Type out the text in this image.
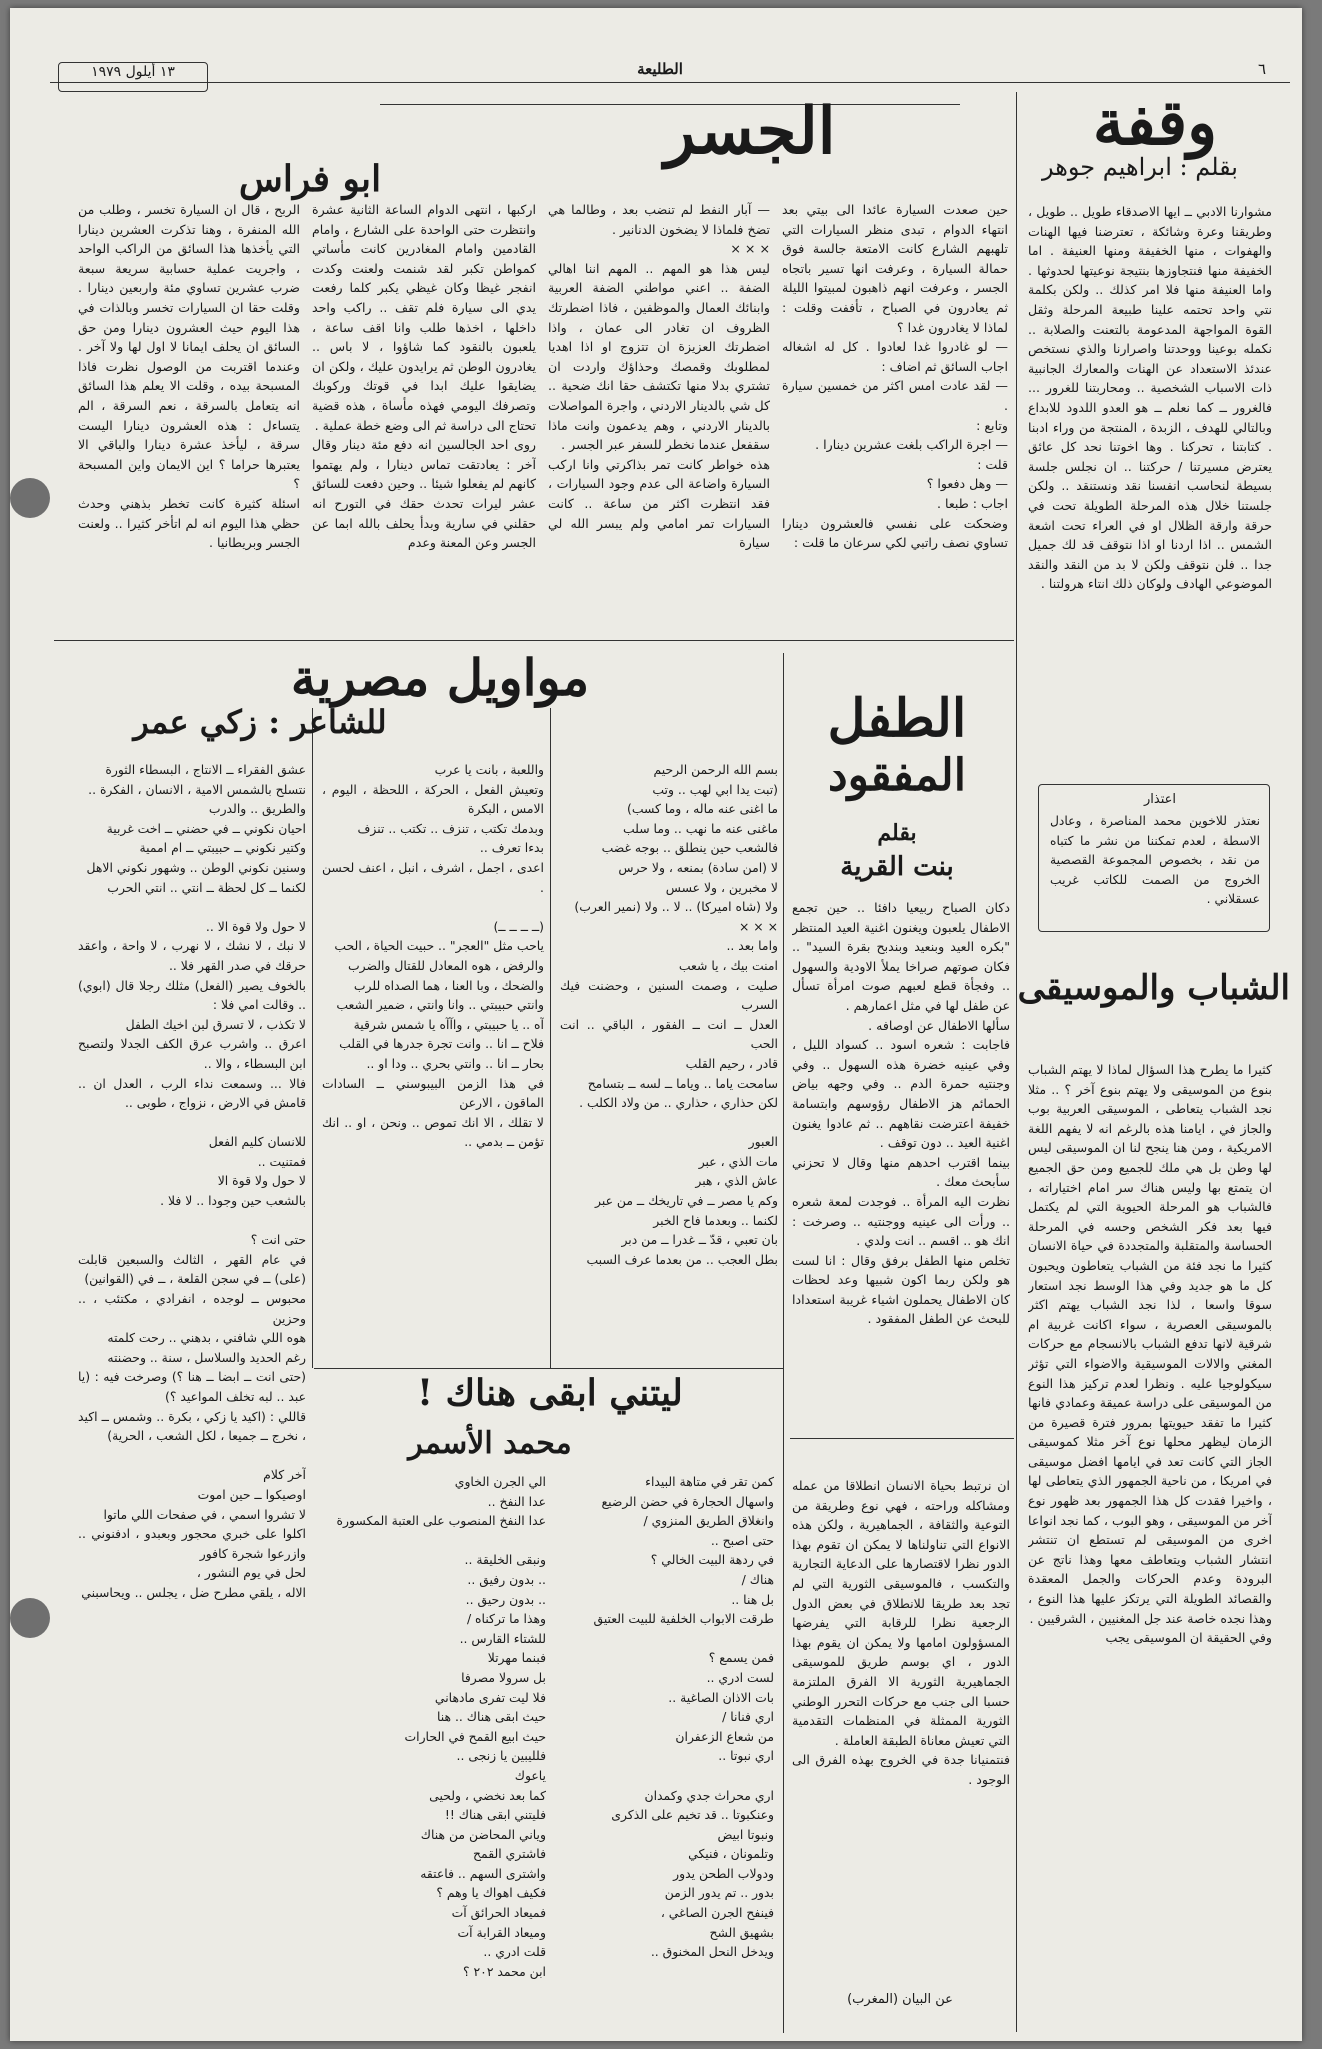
٦
الطليعة
١٣ أيلول ١٩٧٩
وقفة
بقلم : ابراهيم جوهر
مشوارنا الادبي ــ ايها الاصدقاء طويل .. طويل ، وطريقنا وعرة وشائكة ، تعترضنا فيها الهنات والهفوات ، منها الخفيفة ومنها العنيفة . اما الخفيفة منها فنتجاوزها بنتيجة نوعيتها لحدوثها . واما العنيفة منها فلا امر كذلك .. ولكن بكلمة نتي واحد تحتمه علينا طبيعة المرحلة وثقل القوة المواجهة المدعومة بالتعنت والصلابة .. نكمله بوعينا ووحدتنا واصرارنا والذي نستخص عندئذ الاستعداد عن الهنات والمعارك الجانبية ذات الاسباب الشخصية .. ومحاربتنا للغرور ... فالغرور ــ كما نعلم ــ هو العدو اللدود للابداع وبالتالي للهدف ، الزبدة ، المنتجة من وراء ادبنا . كتابتنا ، تحركنا . وها اخوتنا نحد كل عائق يعترض مسيرتنا / حركتنا .. ان نجلس جلسة بسيطة لنحاسب انفسنا نقد ونستنقد .. ولكن جلستنا خلال هذه المرحلة الطويلة تحت في حرقة وارقة الظلال او في العراء تحت اشعة الشمس .. اذا اردنا او اذا نتوقف قد لك جميل جدا .. فلن نتوقف ولكن لا بد من النقد والنقد الموضوعي الهادف ولوكان ذلك انتاء هرولتنا .
اعتذار
نعتذر للاخوين محمد المناصرة ، وعادل الاسطة ، لعدم تمكننا من نشر ما كتباه من نقد ، بخصوص المجموعة القصصية الخروج من الصمت للكاتب غريب عسقلاني .
الشباب والموسيقى
كثيرا ما يطرح هذا السؤال لماذا لا يهتم الشباب بنوع من الموسيقى ولا يهتم بنوع آخر ؟ .. مثلا نجد الشباب يتعاطى ، الموسيقى العربية بوب والجاز في ، ايامنا هذه بالرغم انه لا يفهم اللغة الامريكية ، ومن هنا ينجح لنا ان الموسيقى ليس لها وطن بل هي ملك للجميع ومن حق الجميع ان يتمتع بها وليس هناك سر امام اختياراته ، فالشباب هو المرحلة الحيوية التي لم يكتمل فيها بعد فكر الشخص وحسه في المرحلة الحساسة والمتقلبة والمتجددة في حياة الانسان كثيرا ما نجد فئة من الشباب يتعاطون ويحبون كل ما هو جديد وفي هذا الوسط نجد استعار سوقا واسعا ، لذا نجد الشباب يهتم اكثر بالموسيقى العصرية ، سواء اكانت غربية ام شرقية لانها تدفع الشباب بالانسجام مع حركات المغني والالات الموسيقية والاضواء التي تؤثر سيكولوجيا عليه . ونظرا لعدم تركيز هذا النوع من الموسيقى على دراسة عميقة وعمادي فانها كثيرا ما تفقد حيويتها بمرور فترة قصيرة من الزمان ليظهر محلها نوع آخر مثلا كموسيقى الجاز التي كانت تعد في ايامها افضل موسيقى في امريكا ، من ناحية الجمهور الذي يتعاطى لها ، واخيرا فقدت كل هذا الجمهور بعد ظهور نوع آخر من الموسيقى ، وهو البوب ، كما نجد انواعا اخرى من الموسيقى لم تستطع ان تنتشر انتشار الشباب ويتعاطف معها وهذا ناتج عن البرودة وعدم الحركات والجمل المعقدة والقصائد الطويلة التي يرتكز عليها هذا النوع ، وهذا نجده خاصة عند جل المغنيين ، الشرقيين .
وفي الحقيقة ان الموسيقى يجب
ان نرتبط بحياة الانسان انطلاقا من عمله ومشاكله وراحته ، فهي نوع وطريقة من التوعية والثقافة ، الجماهيرية ، ولكن هذه الانواع التي تناولناها لا يمكن ان تقوم بهذا الدور نظرا لاقتصارها على الدعاية التجارية والتكسب ، فالموسيقى الثورية التي لم تجد بعد طريقا للانطلاق في بعض الدول الرجعية نظرا للرقابة التي يفرضها المسؤولون امامها ولا يمكن ان يقوم بهذا الدور ، اي بوسم طريق للموسيقى الجماهيرية الثورية الا الفرق الملتزمة حسبا الى جنب مع حركات التحرر الوطني الثورية الممثلة في المنظمات التقدمية التي تعيش معاناة الطبقة العاملة .
فنتمنيانا جدة في الخروج بهذه الفرق الى الوجود .
عن البيان (المغرب)
الجسر
ابو فراس
حين صعدت السيارة عائدا الى بيتي بعد انتهاء الدوام ، تبدى منظر السيارات التي تلهبهم الشارع كانت الامتعة جالسة فوق حمالة السيارة ، وعرفت انها تسير باتجاه الجسر ، وعرفت انهم ذاهبون لمبيتوا الليلة ثم يعادرون في الصباح ، تأففت وقلت : لماذا لا يغادرون غدا ؟
— لو غادروا غدا لعادوا . كل له اشغاله اجاب السائق ثم اضاف :
— لقد عادت امس اكثر من خمسين سيارة .
وتابع :
— اجرة الراكب بلغت عشرين دينارا .
قلت :
— وهل دفعوا ؟
اجاب : طبعا .
وضحكت على نفسي فالعشرون دينارا تساوي نصف راتبي لكي سرعان ما قلت :
— آبار النفط لم تنضب بعد ، وطالما هي تضخ فلماذا لا يضخون الدنانير .
× × ×
ليس هذا هو المهم .. المهم اننا اهالي الضفة .. اعني مواطني الضفة العربية وابنائك العمال والموظفين ، فاذا اضطرتك الظروف ان تغادر الى عمان ، واذا اضطرتك العزيزة ان تتزوج او اذا اهديا لمطلوبك وقمصك وحذاؤك واردت ان تشتري بدلا منها تكتشف حقا انك ضحية .. كل شي بالدينار الاردني ، واجرة المواصلات بالدينار الاردني ، وهم يدعمون وانت ماذا سقفعل عندما نخطر للسفر عبر الجسر .
هذه خواطر كانت تمر بذاكرتي وانا اركب السيارة واضاعة الى عدم وجود السيارات ، فقد انتظرت اكثر من ساعة .. كانت السيارات تمر امامي ولم يبسر الله لي سيارة
اركبها ، انتهى الدوام الساعة الثانية عشرة وانتظرت حتى الواحدة على الشارع ، وامام القادمين وامام المغادرين كانت مأساتي كمواطن تكبر لقد شنمت ولعنت وكدت انفجر غيظا وكان غيظي يكبر كلما رفعت يدي الى سيارة فلم تقف .. راكب واحد داخلها ، اخذها طلب وانا اقف ساعة ، يلعبون بالنقود كما شاؤوا ، لا باس .. يغادرون الوطن ثم يرايدون عليك ، ولكن ان يضايقوا عليك ابدا في قوتك وركوبك وتصرفك اليومي فهذه مأساة ، هذه قضية تحتاج الى دراسة ثم الى وضع خطة عملية .
روى احد الجالسين انه دفع مئة دينار وقال آخر : يعادتقت تماس دينارا ، ولم يهتموا كانهم لم يفعلوا شيئا .. وحين دفعت للسائق عشر ليرات تحدث حقك في التورح انه حقلني في سارية وبدأ يحلف بالله ابما عن الجسر وعن المعنة وعدم
الربح ، قال ان السيارة تخسر ، وطلب من الله المنفرة ، وهنا تذكرت العشرين دينارا التي يأخذها هذا السائق من الراكب الواحد ، واجريت عملية حسابية سريعة سبعة ضرب عشرين تساوي مئة واربعين دينارا . وقلت حقا ان السيارات تخسر وبالذات في هذا اليوم حيث العشرون دينارا ومن حق السائق ان يحلف ايمانا لا اول لها ولا آخر . وعندما اقتربت من الوصول نظرت فاذا المسبحة بيده ، وقلت الا يعلم هذا السائق انه يتعامل بالسرقة ، نعم السرقة ، الم يتساءل : هذه العشرون دينارا اليست سرقة ، ليأخذ عشرة دينارا والباقي الا يعتبرها حراما ؟ اين الايمان واين المسبحة ؟
اسئلة كثيرة كانت تخطر بذهني وحدث حظي هذا اليوم انه لم اتأخر كثيرا .. ولعنت الجسر وبريطانيا .
الطفل
المفقود
بقلم
بنت القرية
دكان الصباح ربيعيا دافئا .. حين تجمع الاطفال يلعبون ويغنون اغنية العيد المنتظر "بكره العيد وبنعيد وبندبح بقرة السيد" .. فكان صوتهم صراخا يملأ الاودية والسهول .. وفجأة قطع لعبهم صوت امرأة تسأل عن طفل لها في مثل اعمارهم .
سألها الاطفال عن اوصافه .
فاجابت : شعره اسود .. كسواد الليل ، وفي عينيه خضرة هذه السهول .. وفي وجنتيه حمرة الدم .. وفي وجهه بياض الحمائم هز الاطفال رؤوسهم وابتسامة خفيفة اعترضت نقاههم .. ثم عادوا يغنون اغنية العيد .. دون توقف .
بينما اقترب احدهم منها وقال لا تحزني سأبحث معك .
نظرت اليه المرأة .. فوجدت لمعة شعره .. ورأت الى عينيه ووجنتيه .. وصرخت : انك هو .. اقسم .. انت ولدي .
تخلص منها الطفل برفق وقال : انا لست هو ولكن ربما اكون شبيها وعد لحظات كان الاطفال يحملون اشياء غريبة استعدادا للبحث عن الطفل المفقود .
مواويل مصرية
للشاعر : زكي عمر
بسم الله الرحمن الرحيم
(تبت يدا ابي لهب .. وتب
ما اغنى عنه ماله ، وما كسب)
ماغنى عنه ما نهب .. وما سلب
فالشعب حين ينطلق .. بوجه غضب
لا (امن سادة) بمنعه ، ولا حرس
لا مخبرين ، ولا عسس
ولا (شاه اميركا) .. لا .. ولا (نمير العرب)
× × ×
واما بعد ..
امنت بيك ، يا شعب
صليت ، وصمت السنين ، وحضنت فيك السرب
العدل ــ انت ــ الفقور ، الباقي .. انت الحب
قادر ، رحيم القلب
سامحت ياما .. وياما ــ لسه ــ بتسامح
لكن حذاري ، حذاري .. من ولاد الكلب .

العبور
مات الذي ، عبر
عاش الذي ، هبر
وكم يا مصر ــ في تاريخك ــ من عبر
لكنما .. وبعدما فاح الخبر
بان تعبي ، قدّ ــ غدرا ــ من دبر
بطل العجب .. من بعدما عرف السبب
واللعبة ، بانت يا عرب
وتعيش الفعل ، الحركة ، اللحظة ، اليوم ، الامس ، البكرة
وبدمك تكتب ، تنزف .. تكتب .. تنزف
بدءا تعرف ..
اعدى ، اجمل ، اشرف ، انبل ، اعنف لحسن .

(ــ ــ ــ ــ)
ياحب مثل "العجر" .. حبيت الحياة ، الحب
والرفض ، هوه المعادل للقتال والضرب
والضحك ، وبا العنا ، هما الصداه للرب
وانتي حبيبتي .. وانا وانتي ، ضمير الشعب
آه .. يا حبيبتي ، واآآه يا شمس شرقية
فلاح ــ انا .. وانت تجرة جدرها في القلب
بحار ــ انا .. وانتي بحري .. ودا او ..
في هذا الزمن البيبوسني ــ السادات الماقون ، الارعن
لا تقلك ، الا انك تموص .. ونحن ، او .. انك تؤمن ــ بدمي ..
عشق الفقراء ــ الانتاج ، البسطاء الثورة
نتسلح بالشمس الامية ، الانسان ، الفكرة ..
والطريق .. والدرب
احيان نكوني ــ في حضني ــ اخت غربية
وكتير نكوني ــ حبيبتي ــ ام اممية
وسنين نكوني الوطن .. وشهور نكوني الاهل
لكنما ــ كل لحظة ــ انتي .. انتي الحرب

لا حول ولا قوة الا ..
لا نبك ، لا نشك ، لا نهرب ، لا واحة ، واعقد حرقك في صدر القهر فلا ..
بالخوف يصير (الفعل) مثلك رجلا قال (ابوي) .. وقالت امي فلا :
لا تكذب ، لا تسرق لبن اخيك الطفل
اعرق .. واشرب عرق الكف الجدلا ولتصبح ابن البسطاء ، والا ..
فالا ... وسمعت نداء الرب ، العدل ان .. قامش في الارض ، نزواج ، طوبى ..

للانسان كليم الفعل
فمتنيت ..
لا حول ولا قوة الا
بالشعب حين وجودا .. لا فلا .

حتى انت ؟
في عام القهر ، الثالث والسبعين قابلت (على) ــ في سجن القلعة ، ــ في (القوانين)
محبوس ــ لوجده ، انفرادي ، مكتئب ، .. وحزين
هوه اللي شافني ، بدهني .. رحت كلمته
رغم الحديد والسلاسل ، سنة .. وحضنته
(حتى انت ــ ابضا ــ هنا ؟) وصرخت فيه : (يا عبد .. لبه تخلف المواعيد ؟)
قاللي : (اكيد يا زكي ، بكرة .. وشمس ــ اكيد ، نخرج ــ جميعا ، لكل الشعب ، الحرية)

آخر كلام
اوصيكوا ــ حين اموت
لا تشروا اسمي ، في صفحات اللي ماتوا
اكلوا على خبري محجور وبعبدو ، ادفنوني .. وازرعوا شجرة كافور
لحل في يوم النشور ،
الاله ، يلقي مطرح ضل ، يجلس .. ويحاسبني
ليتني ابقى هناك !
محمد الأسمر
كمن تقر في متاهة البيداء
واسهال الحجارة في حضن الرضيع
وانغلاق الطريق المنزوي /
حتى اصبح ..
في ردهة البيت الخالي ؟
هناك /
بل هنا ..
طرقت الابواب الخلفية للبيت العتيق

فمن يسمع ؟
لست ادري ..
بات الاذان الصاغية ..
اري فنانا /
من شعاع الزعفران
اري نبوتا ..

اري محراث جدي وكمدان
وعنكبوتا .. قد تخيم على الذكرى
ونبوتا ابيض
وتلمونان ، فنيكي
ودولاب الطحن يدور
بدور .. تم يدور الزمن
فينفح الجرن الصاغي ،
بشهيق الشح
ويدخل النحل المخنوق ..
الي الجرن الخاوي
عدا النفخ ..
عدا النفخ المنصوب على العتبة المكسورة

ونبقى الخليقة ..
.. بدون رفيق ..
.. بدون رحيق ..
وهذا ما تركناه /
للشتاء القارس ..
فبنما مهرتلا
بل سرولا مصرفا
فلا ليت تفرى مادهاني
حيث ابقى هناك .. هنا
حيث ابيع القمح في الحارات
فلليبين يا زنجى ..
ياعوك
كما بعد نخضي ، ولحيى
فليتني ابقى هناك !!
وياني المحاضن من هناك
فاشتري القمح
واشترى السهم .. فاعتقه
فكيف اهواك يا وهم ؟
فميعاد الحرائق آت
وميعاد القرابة آت
قلت ادري ..
ابن محمد ٢٠٢ ؟
